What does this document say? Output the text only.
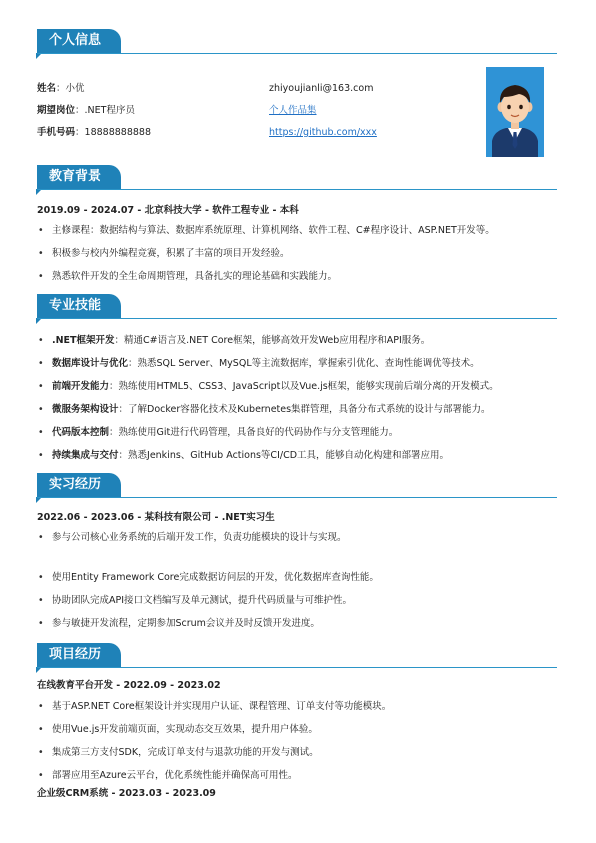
个人信息
姓名：小优
期望岗位：.NET程序员
手机号码：18888888888
zhiyoujianli@163.com
个人作品集
https://github.com/xxx
教育背景
2019.09 - 2024.07 - 北京科技大学 - 软件工程专业 - 本科
• 主修课程：数据结构与算法、数据库系统原理、计算机网络、软件工程、C#程序设计、ASP.NET开发等。
• 积极参与校内外编程竞赛，积累了丰富的项目开发经验。
• 熟悉软件开发的全生命周期管理，具备扎实的理论基础和实践能力。
专业技能
• .NET框架开发：精通C#语言及.NET Core框架，能够高效开发Web应用程序和API服务。
• 数据库设计与优化：熟悉SQL Server、MySQL等主流数据库，掌握索引优化、查询性能调优等技术。
• 前端开发能力：熟练使用HTML5、CSS3、JavaScript以及Vue.js框架，能够实现前后端分离的开发模式。
• 微服务架构设计：了解Docker容器化技术及Kubernetes集群管理，具备分布式系统的设计与部署能力。
• 代码版本控制：熟练使用Git进行代码管理，具备良好的代码协作与分支管理能力。
• 持续集成与交付：熟悉Jenkins、GitHub Actions等CI/CD工具，能够自动化构建和部署应用。
实习经历
2022.06 - 2023.06 - 某科技有限公司 - .NET实习生
• 参与公司核心业务系统的后端开发工作，负责功能模块的设计与实现。
• 使用Entity Framework Core完成数据访问层的开发，优化数据库查询性能。
• 协助团队完成API接口文档编写及单元测试，提升代码质量与可维护性。
• 参与敏捷开发流程，定期参加Scrum会议并及时反馈开发进度。
项目经历
在线教育平台开发 - 2022.09 - 2023.02
• 基于ASP.NET Core框架设计并实现用户认证、课程管理、订单支付等功能模块。
• 使用Vue.js开发前端页面，实现动态交互效果，提升用户体验。
• 集成第三方支付SDK，完成订单支付与退款功能的开发与测试。
• 部署应用至Azure云平台，优化系统性能并确保高可用性。
企业级CRM系统 - 2023.03 - 2023.09
